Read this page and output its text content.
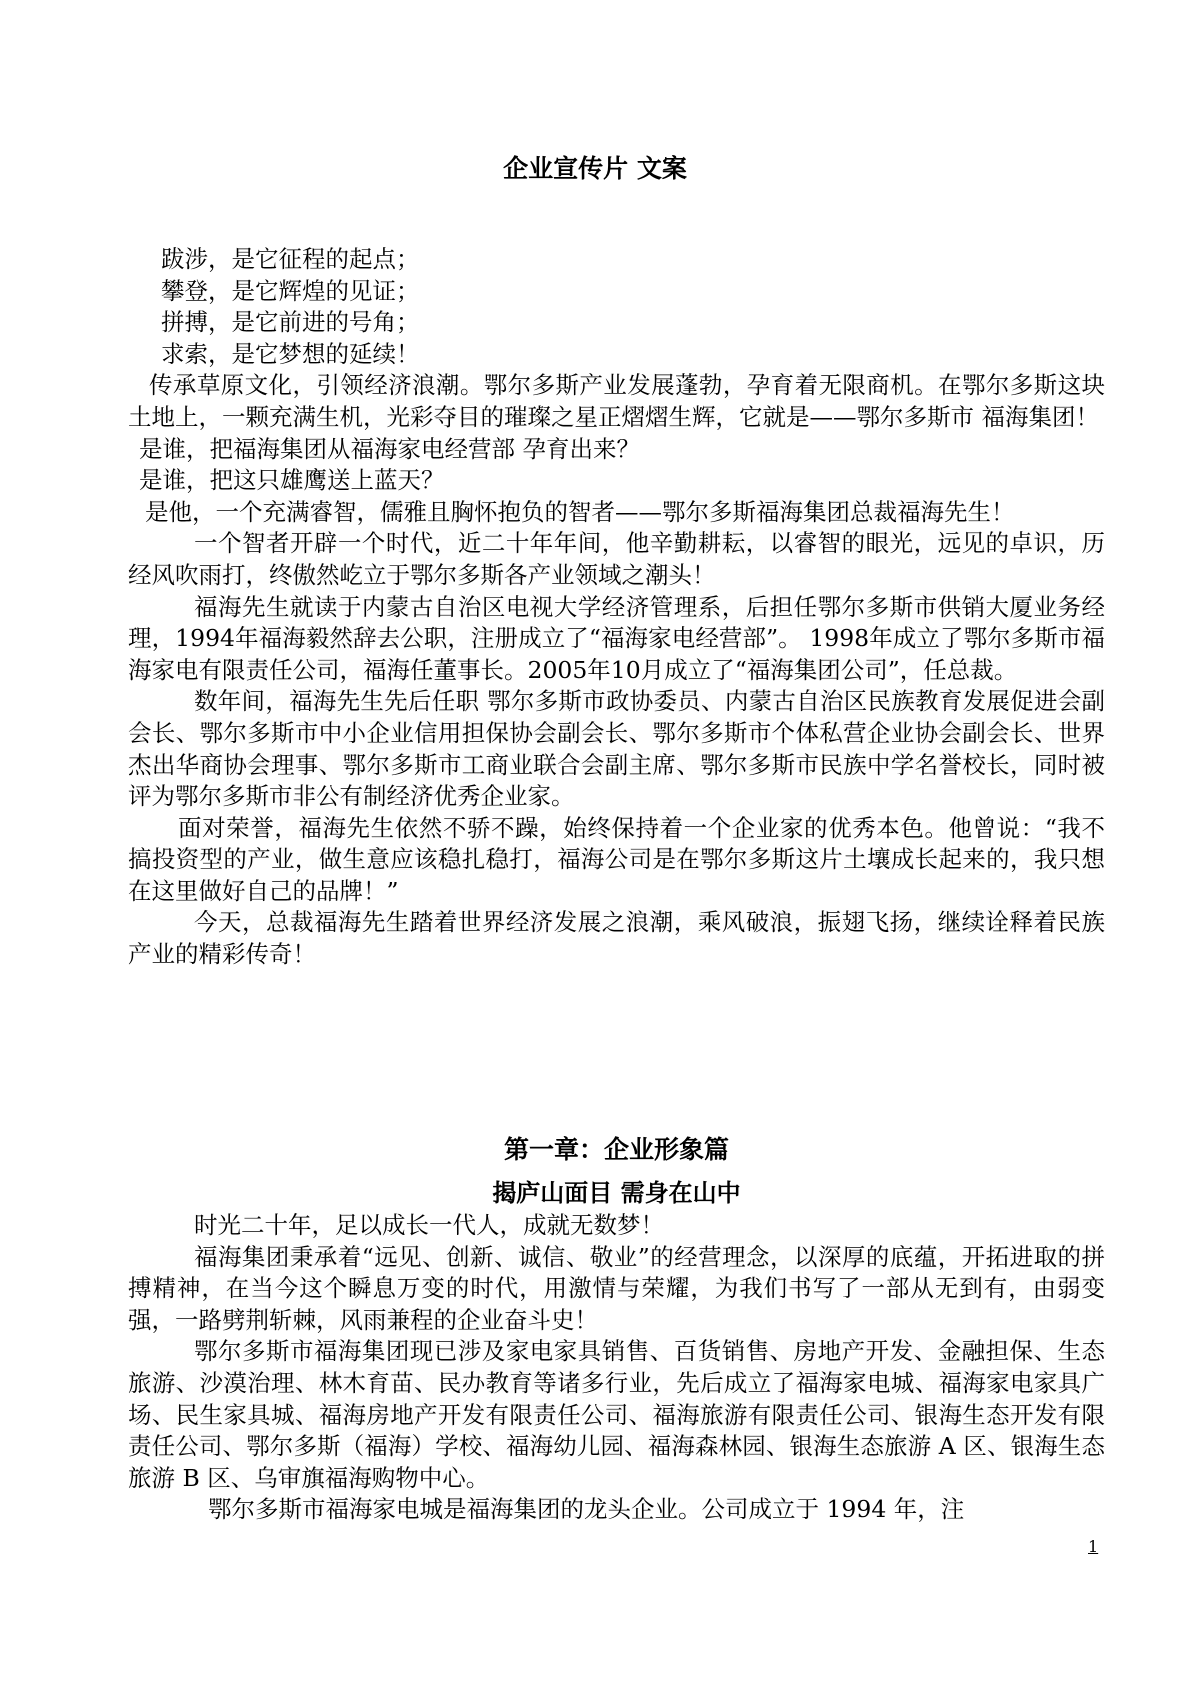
企业宣传片 文案

跋涉，是它征程的起点；

攀登，是它辉煌的见证；

拼搏，是它前进的号角；

求索，是它梦想的延续！

传承草原文化，引领经济浪潮。鄂尔多斯产业发展蓬勃，孕育着无限商机。在鄂尔多斯这块土地上，一颗充满生机，光彩夺目的璀璨之星正熠熠生辉，它就是——鄂尔多斯市 福海集团！

是谁，把福海集团从福海家电经营部 孕育出来？

是谁，把这只雄鹰送上蓝天？

是他，一个充满睿智，儒雅且胸怀抱负的智者——鄂尔多斯福海集团总裁福海先生！

一个智者开辟一个时代，近二十年年间，他辛勤耕耘，以睿智的眼光，远见的卓识，历经风吹雨打，终傲然屹立于鄂尔多斯各产业领域之潮头！

福海先生就读于内蒙古自治区电视大学经济管理系，后担任鄂尔多斯市供销大厦业务经理，1994年福海毅然辞去公职，注册成立了“福海家电经营部”。 1998年成立了鄂尔多斯市福海家电有限责任公司，福海任董事长。2005年10月成立了“福海集团公司”，任总裁。

数年间，福海先生先后任职 鄂尔多斯市政协委员、内蒙古自治区民族教育发展促进会副会长、鄂尔多斯市中小企业信用担保协会副会长、鄂尔多斯市个体私营企业协会副会长、世界杰出华商协会理事、鄂尔多斯市工商业联合会副主席、鄂尔多斯市民族中学名誉校长，同时被评为鄂尔多斯市非公有制经济优秀企业家。

面对荣誉，福海先生依然不骄不躁，始终保持着一个企业家的优秀本色。他曾说：“我不搞投资型的产业，做生意应该稳扎稳打，福海公司是在鄂尔多斯这片土壤成长起来的，我只想在这里做好自己的品牌！”

今天，总裁福海先生踏着世界经济发展之浪潮，乘风破浪，振翅飞扬，继续诠释着民族产业的精彩传奇！

第一章：企业形象篇
揭庐山面目 需身在山中

时光二十年，足以成长一代人，成就无数梦！

福海集团秉承着“远见、创新、诚信、敬业”的经营理念，以深厚的底蕴，开拓进取的拼搏精神，在当今这个瞬息万变的时代，用激情与荣耀，为我们书写了一部从无到有，由弱变强，一路劈荆斩棘，风雨兼程的企业奋斗史！

鄂尔多斯市福海集团现已涉及家电家具销售、百货销售、房地产开发、金融担保、生态旅游、沙漠治理、林木育苗、民办教育等诸多行业，先后成立了福海家电城、福海家电家具广场、民生家具城、福海房地产开发有限责任公司、福海旅游有限责任公司、银海生态开发有限责任公司、鄂尔多斯（福海）学校、福海幼儿园、福海森林园、银海生态旅游 A 区、银海生态旅游 B 区、乌审旗福海购物中心。

鄂尔多斯市福海家电城是福海集团的龙头企业。公司成立于 1994 年，注

1
